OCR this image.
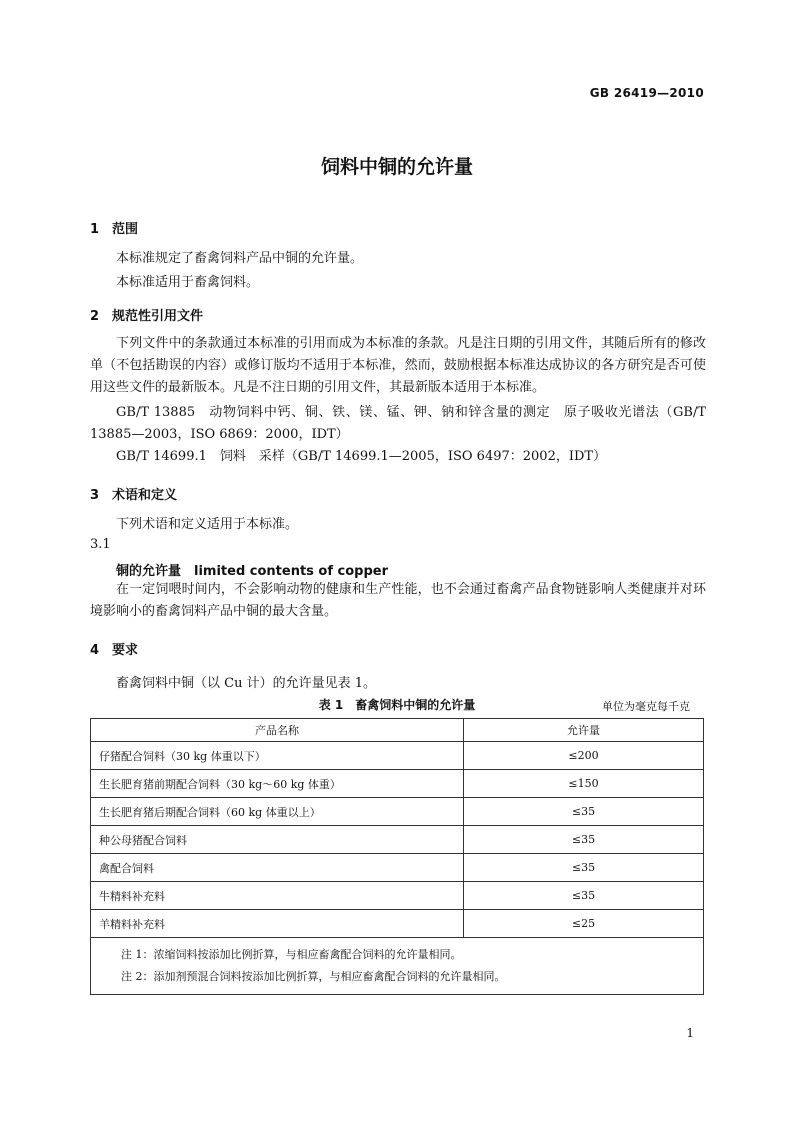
GB 26419—2010
饲料中铜的允许量
1 范围
本标准规定了畜禽饲料产品中铜的允许量。
本标准适用于畜禽饲料。
2 规范性引用文件
下列文件中的条款通过本标准的引用而成为本标准的条款。凡是注日期的引用文件，其随后所有的修改单（不包括勘误的内容）或修订版均不适用于本标准，然而，鼓励根据本标准达成协议的各方研究是否可使用这些文件的最新版本。凡是不注日期的引用文件，其最新版本适用于本标准。
GB/T 13885　动物饲料中钙、铜、铁、镁、锰、钾、钠和锌含量的测定　原子吸收光谱法（GB/T 13885—2003，ISO 6869：2000，IDT）
GB/T 14699.1　饲料　采样（GB/T 14699.1—2005，ISO 6497：2002，IDT）
3 术语和定义
下列术语和定义适用于本标准。
3.1
铜的允许量　limited contents of copper
在一定饲喂时间内，不会影响动物的健康和生产性能，也不会通过畜禽产品食物链影响人类健康并对环境影响小的畜禽饲料产品中铜的最大含量。
4 要求
畜禽饲料中铜（以 Cu 计）的允许量见表 1。
表 1　畜禽饲料中铜的允许量	单位为毫克每千克
产品名称	允许量
仔猪配合饲料（30 kg 体重以下）	≤200
生长肥育猪前期配合饲料（30 kg～60 kg 体重）	≤150
生长肥育猪后期配合饲料（60 kg 体重以上）	≤35
种公母猪配合饲料	≤35
禽配合饲料	≤35
牛精料补充料	≤35
羊精料补充料	≤25

注 1：浓缩饲料按添加比例折算，与相应畜禽配合饲料的允许量相同。
注 2：添加剂预混合饲料按添加比例折算，与相应畜禽配合饲料的允许量相同。	
1
